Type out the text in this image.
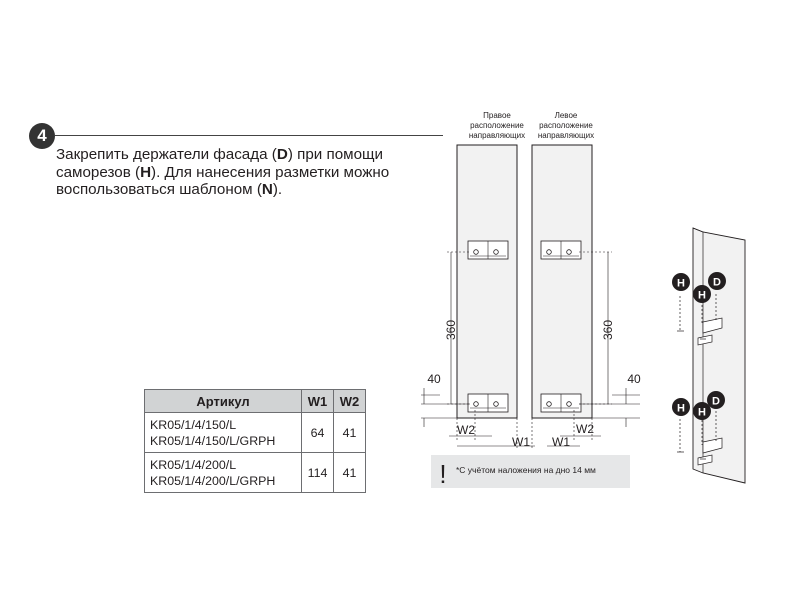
4

Закрепить держатели фасада (D) при помощи

саморезов (H). Для нанесения разметки можно

воспользоваться шаблоном (N).

Артикул	W1	W2

KR05/1/4/150/L
KR05/1/4/150/L/GRPH	64	41

KR05/1/4/200/L
KR05/1/4/200/L/GRPH	114	41
Правое
расположение
направляющих
Левое
расположение
направляющих
360
40
W2
W1
360
40
W2
W1
! *С учётом наложения на дно 14 мм
H
H
D
H H
D
